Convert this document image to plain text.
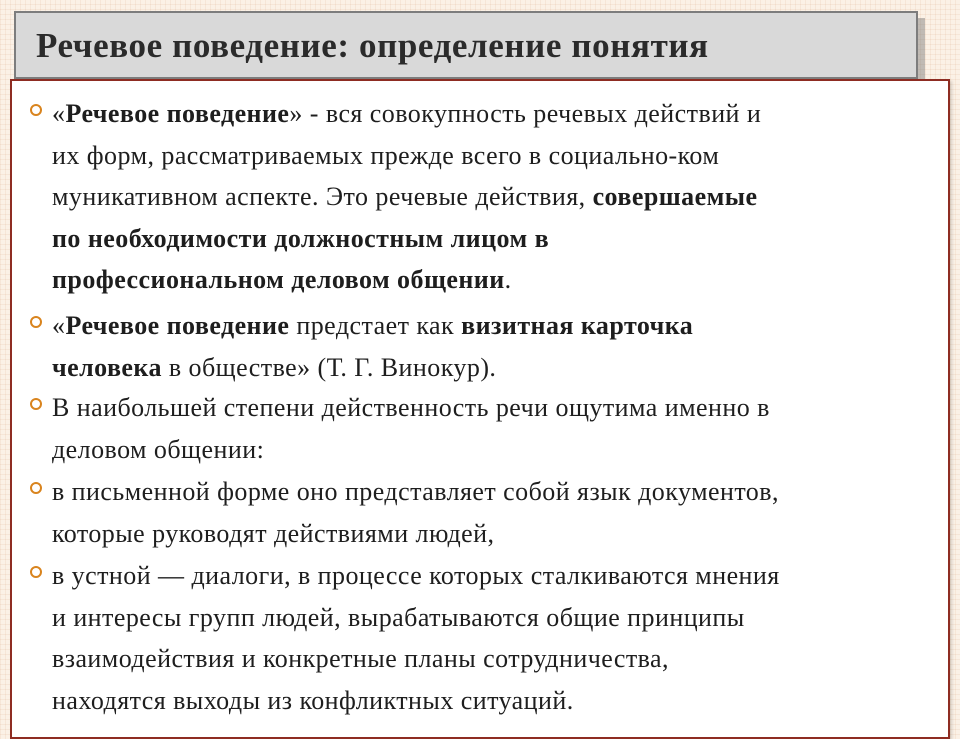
Речевое поведение: определение понятия
«Речевое поведение» - вся совокупность речевых действий и
их форм, рассматриваемых прежде всего в социально-ком
муникативном аспекте. Это речевые действия, совершаемые
по необходимости должностным лицом в
профессиональном деловом общении.
«Речевое поведение предстает как визитная карточка
человека в обществе» (Т. Г. Винокур).
В наибольшей степени действенность речи ощутима именно в
деловом общении:
в письменной форме оно представляет собой язык документов,
которые руководят действиями людей,
в устной — диалоги, в процессе которых сталкиваются мнения
и интересы групп людей, вырабатываются общие принципы
взаимодействия и конкретные планы сотрудничества,
находятся выходы из конфликтных ситуаций.
